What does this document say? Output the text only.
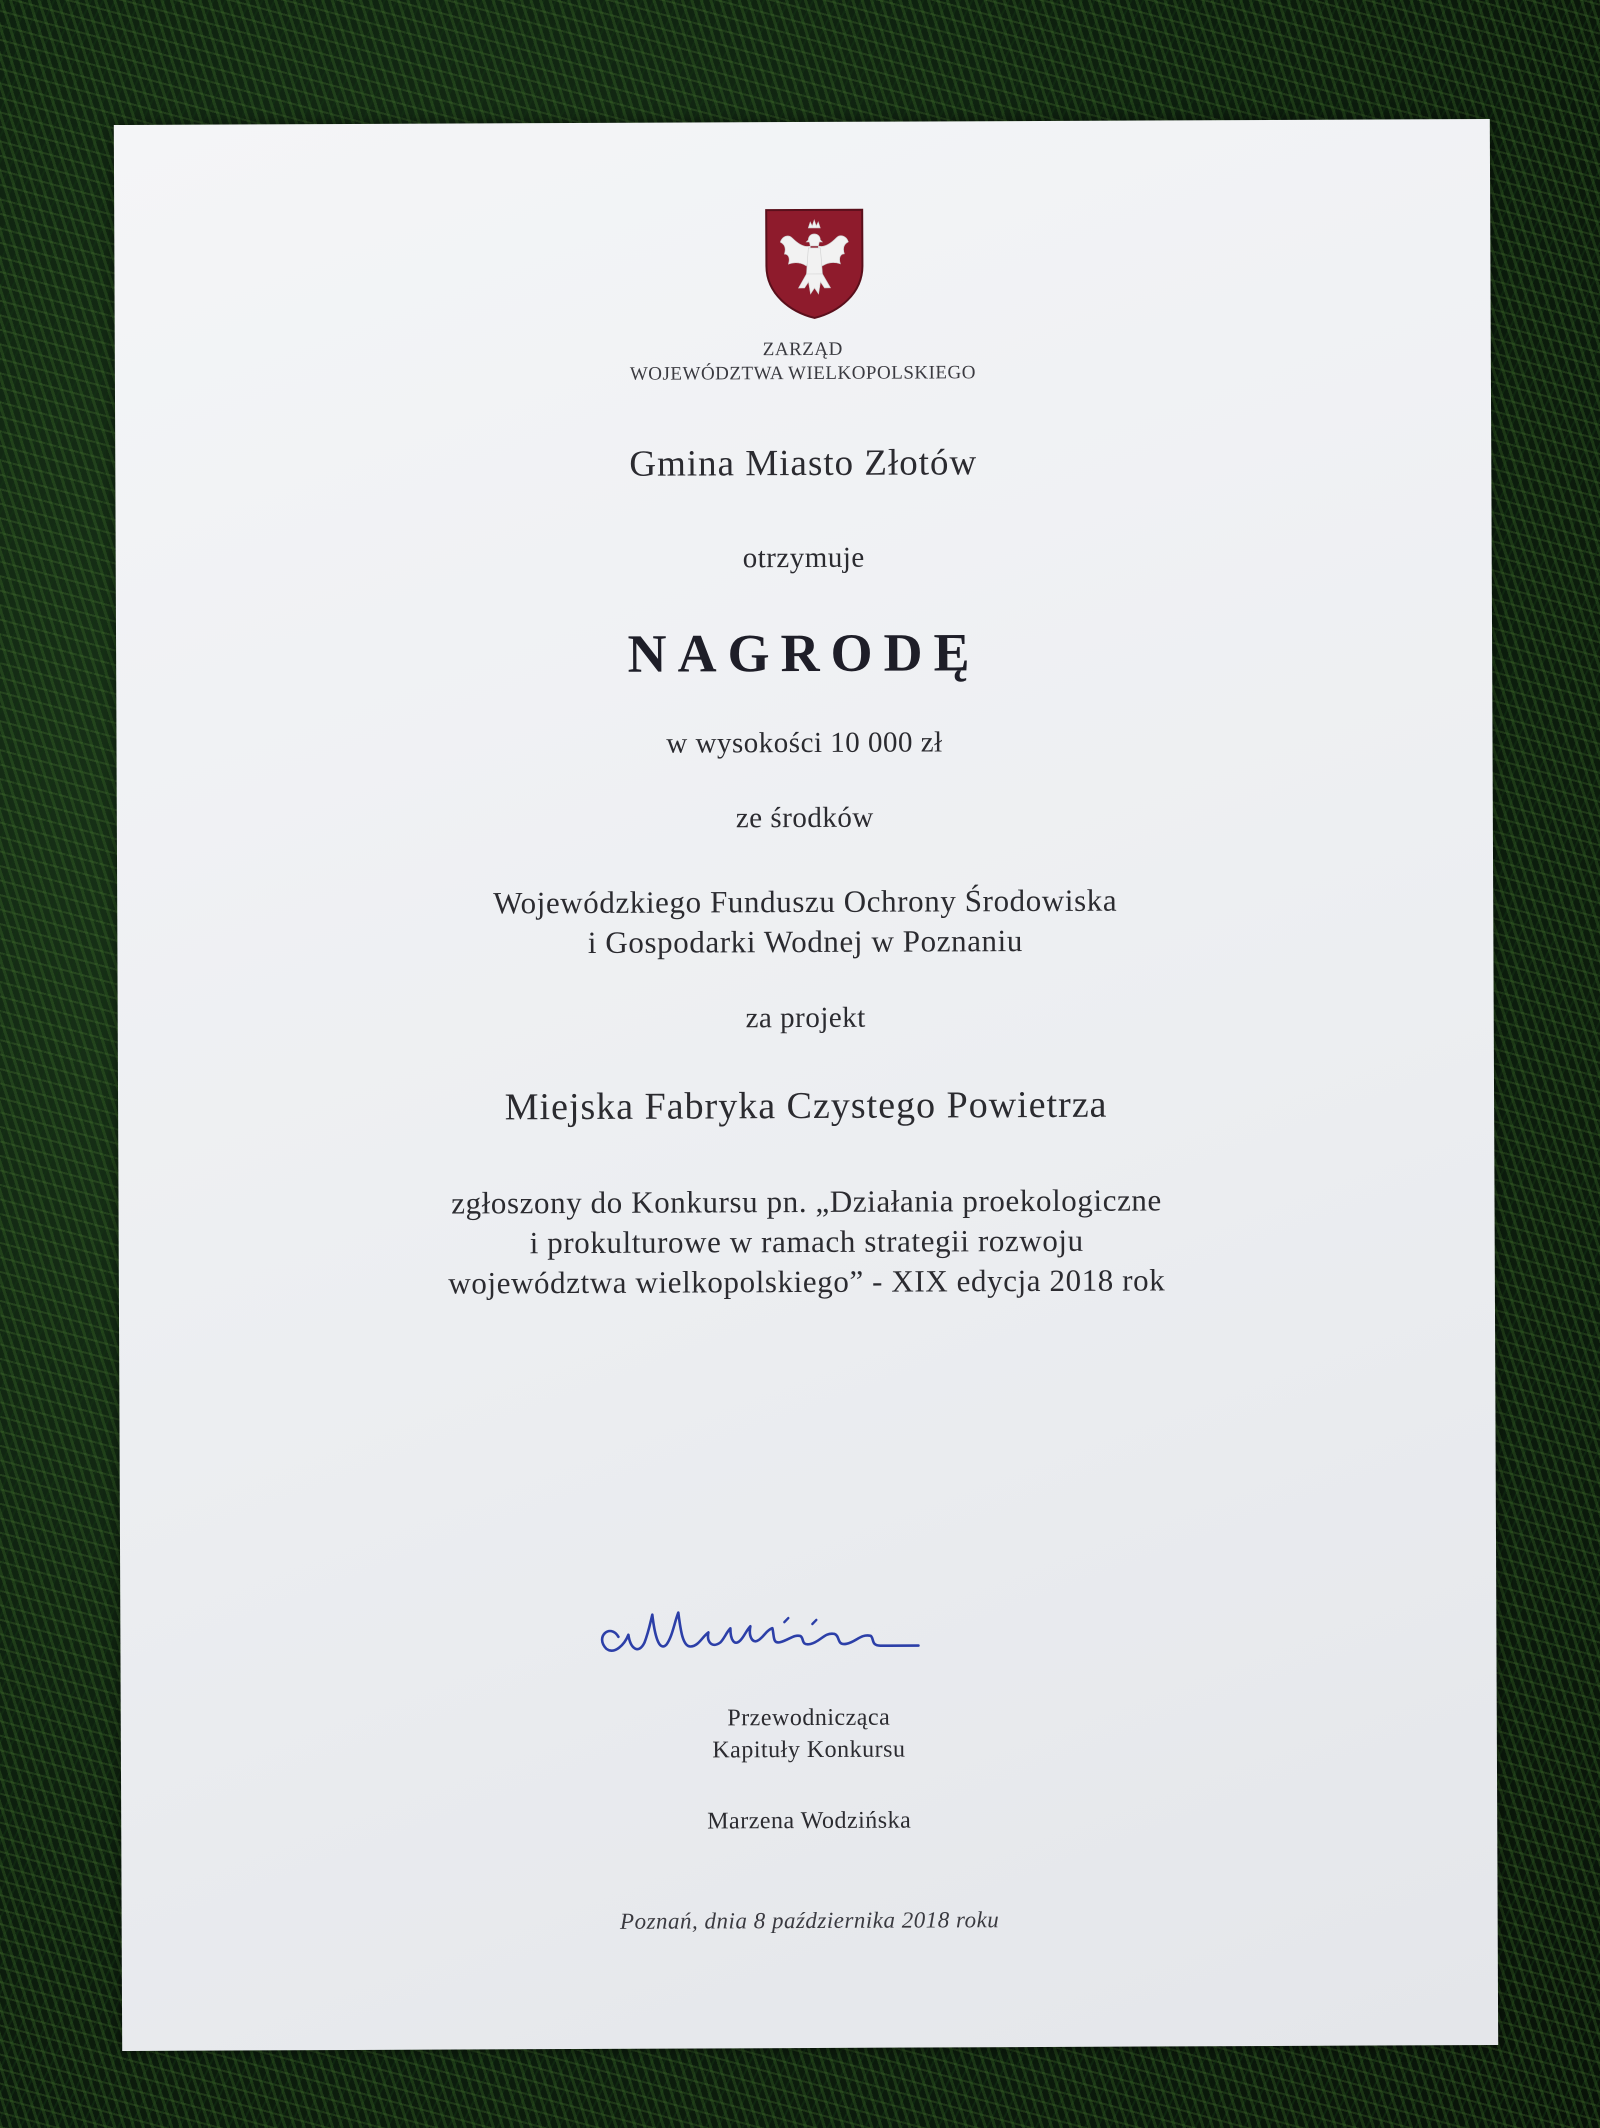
ZARZĄD
WOJEWÓDZTWA WIELKOPOLSKIEGO
Gmina Miasto Złotów
otrzymuje
NAGRODĘ
w wysokości 10 000 zł
ze środków
Wojewódzkiego Funduszu Ochrony Środowiska
i Gospodarki Wodnej w Poznaniu
za projekt
Miejska Fabryka Czystego Powietrza
zgłoszony do Konkursu pn. „Działania proekologiczne
i prokulturowe w ramach strategii rozwoju
województwa wielkopolskiego” - XIX edycja 2018 rok
Przewodnicząca
Kapituły Konkursu
Marzena Wodzińska
Poznań, dnia 8 października 2018 roku
